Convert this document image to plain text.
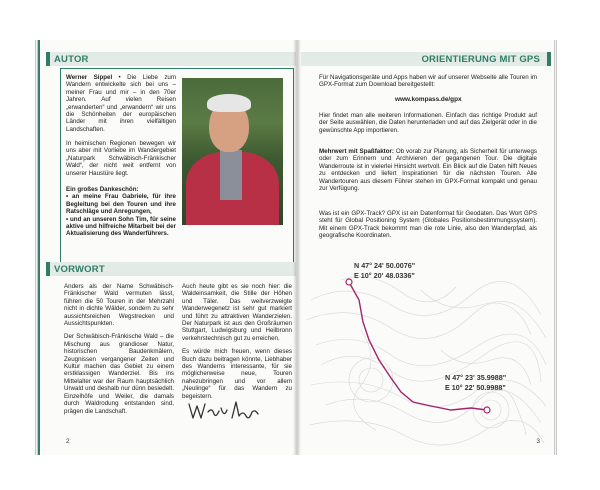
AUTOR
Werner Sippel • Die Liebe zum Wandern entwickelte sich bei uns – meiner Frau und mir – in den 70er Jahren. Auf vielen Reisen „erwanderten“ und „erwandern“ wir uns die Schönheiten der europäischen Länder mit ihren vielfältigen Landschaften.
In heimischen Regionen bewegen wir uns aber mit Vorliebe im Wandergebiet „Naturpark Schwäbisch-Fränkischer Wald“, der nicht weit entfernt von unserer Haustüre liegt.
Ein großes Dankeschön:
• an meine Frau Gabriele, für ihre Begleitung bei den Touren und ihre Ratschläge und Anregungen,
• und an unseren Sohn Tim, für seine aktive und hilfreiche Mitarbeit bei der Aktualisierung des Wanderführers.
VORWORT
Anders als der Name Schwäbisch-Fränkischer Wald vermuten lässt, führen die 50 Touren in der Mehrzahl nicht in dichte Wälder, sondern zu sehr aussichtsreichen Wegstrecken und Aussichtspunkten.
Der Schwäbisch-Fränkische Wald – die Mischung aus grandioser Natur, historischen Baudenkmälern, Zeugnissen vergangener Zeiten und Kultur machen das Gebiet zu einem erstklassigen Wanderziel. Bis ins Mittelalter war der Raum hauptsächlich Urwald und deshalb nur dünn besiedelt. Einzelhöfe und Weiler, die damals durch Waldrodung entstanden sind, prägen die Landschaft.
Auch heute gibt es sie noch hier: die Waldeinsamkeit, die Stille der Höhen und Täler. Das weitverzweigte Wanderwegenetz ist sehr gut markiert und führt zu attraktiven Wanderzielen. Der Naturpark ist aus den Großräumen Stuttgart, Ludwigsburg und Heilbronn verkehrstechnisch gut zu erreichen.
Es würde mich freuen, wenn dieses Buch dazu beitragen könnte, Liebhaber des Wanderns interessante, für sie möglicherweise neue, Touren nahezubringen und vor allem „Neulinge“ für das Wandern zu begeistern.
2
ORIENTIERUNG MIT GPS
Für Navigationsgeräte und Apps haben wir auf unserer Webseite alle Touren im GPX-Format zum Download bereitgestellt:
www.kompass.de/gpx
Hier findet man alle weiteren Informationen. Einfach das richtige Produkt auf der Seite auswählen, die Daten herunterladen und auf das Zielgerät oder in die gewünschte App importieren.
Mehrwert mit Spaßfaktor: Ob vorab zur Planung, als Sicherheit für unterwegs oder zum Erinnern und Archivieren der gegangenen Tour. Die digitale Wanderroute ist in vielerlei Hinsicht wertvoll. Ein Blick auf die Daten hilft Neues zu entdecken und liefert Inspirationen für die nächsten Touren. Alle Wandertouren aus diesem Führer stehen im GPX-Format kompakt und genau zur Verfügung.
Was ist ein GPX-Track? GPX ist ein Datenformat für Geodaten. Das Wort GPS steht für Global Positioning System (Globales Positionsbestimmungssystem). Mit einem GPX-Track bekommt man die rote Linie, also den Wanderpfad, als geografische Koordinaten.
N 47° 24' 50.0076"
E 10° 20' 48.0336"
N 47° 23' 35.9988"
E 10° 22' 50.9988"
3
